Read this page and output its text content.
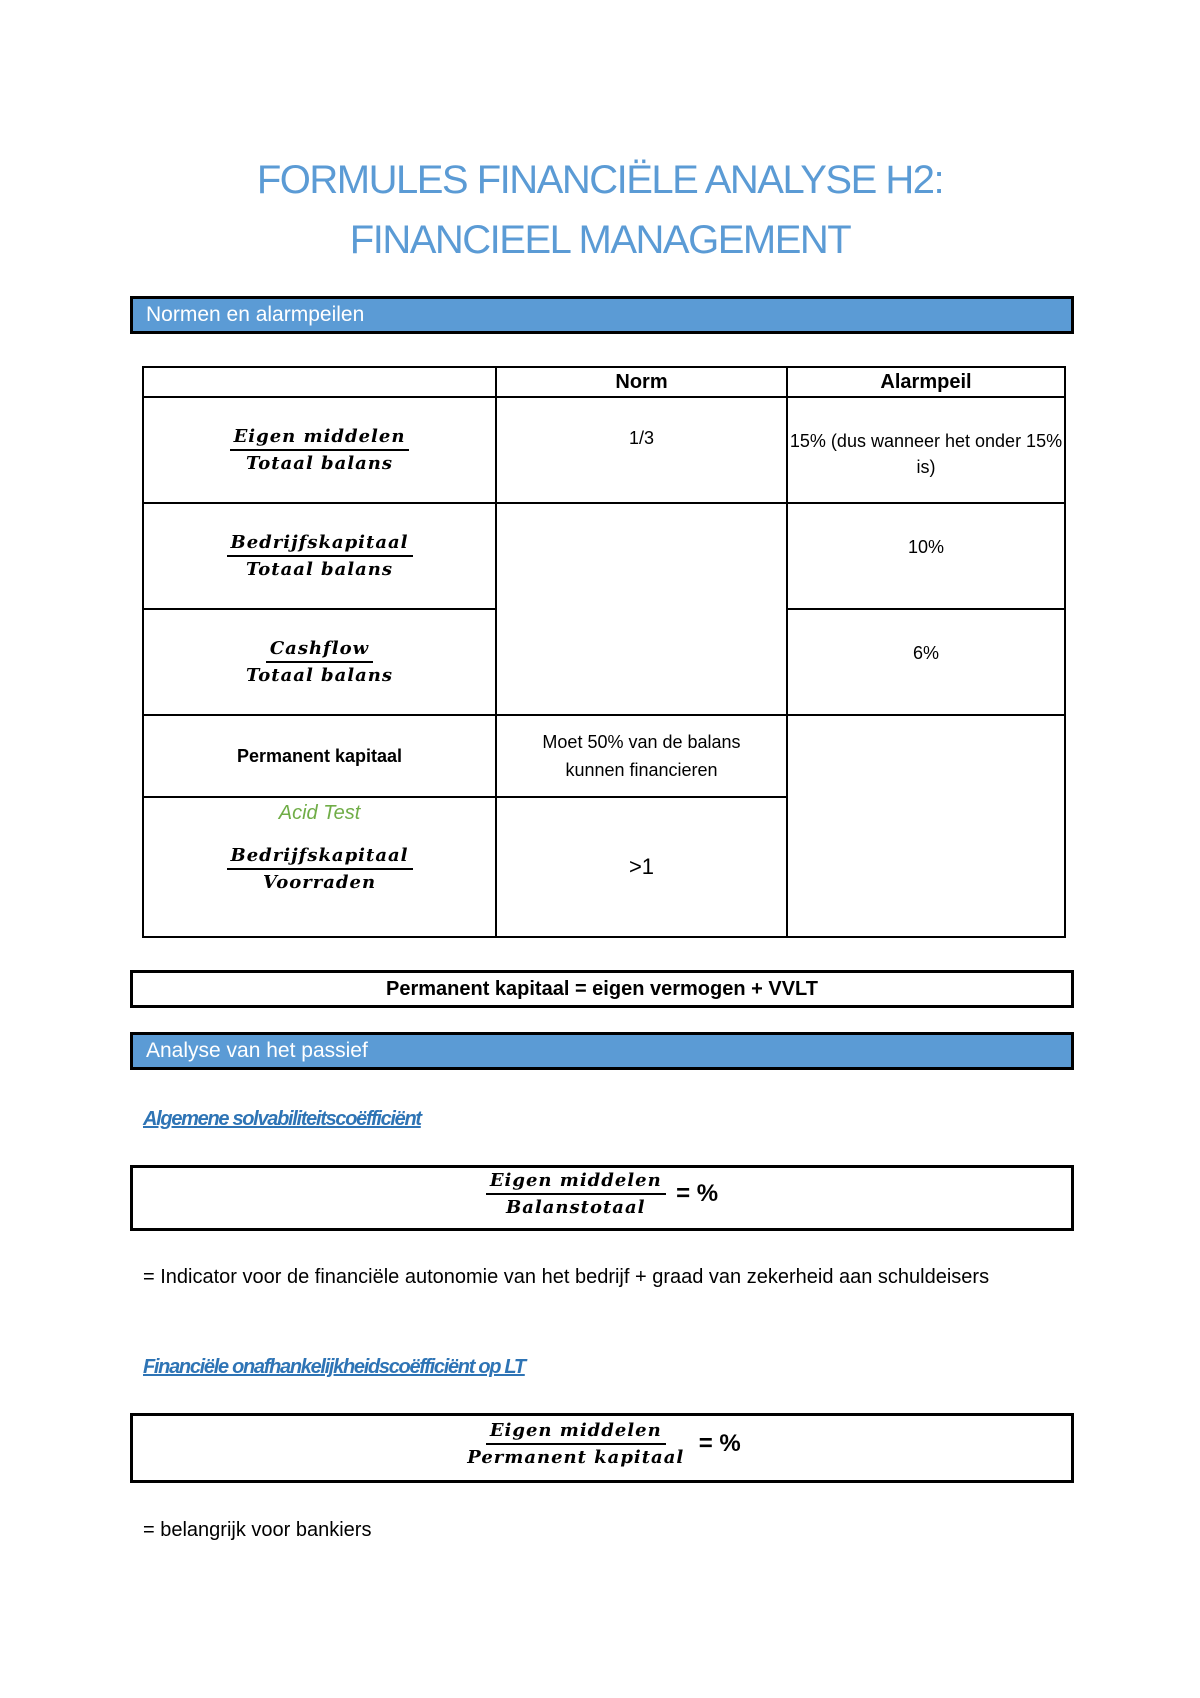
FORMULES FINANCIËLE ANALYSE H2:
FINANCIEEL MANAGEMENT
Normen en alarmpeilen
	Norm	Alarmpeil

$\frac{\text{Eigen middelen}}{\text{Totaal balans}}$	1/3	15% (dus wanneer het onder 15% is)

$\frac{\text{Bedrijfskapitaal}}{\text{Totaal balans}}$		10%

$\frac{\text{Cashflow}}{\text{Totaal balans}}$		6%
Permanent kapitaal	Moet 50% van de balans kunnen financieren	

Acid Test
$\frac{\text{Bedrijfskapitaal}}{\text{Voorraden}}$	>1	
Permanent kapitaal = eigen vermogen + VVLT
Analyse van het passief
Algemene solvabiliteitscoëfficiënt
$\frac{\text{Eigen middelen}}{\text{Balanstotaal}}$ = %
= Indicator voor de financiële autonomie van het bedrijf + graad van zekerheid aan schuldeisers
Financiële onafhankelijkheidscoëfficiënt op LT
$\frac{\text{Eigen middelen}}{\text{Permanent kapitaal}}$ = %
= belangrijk voor bankiers
